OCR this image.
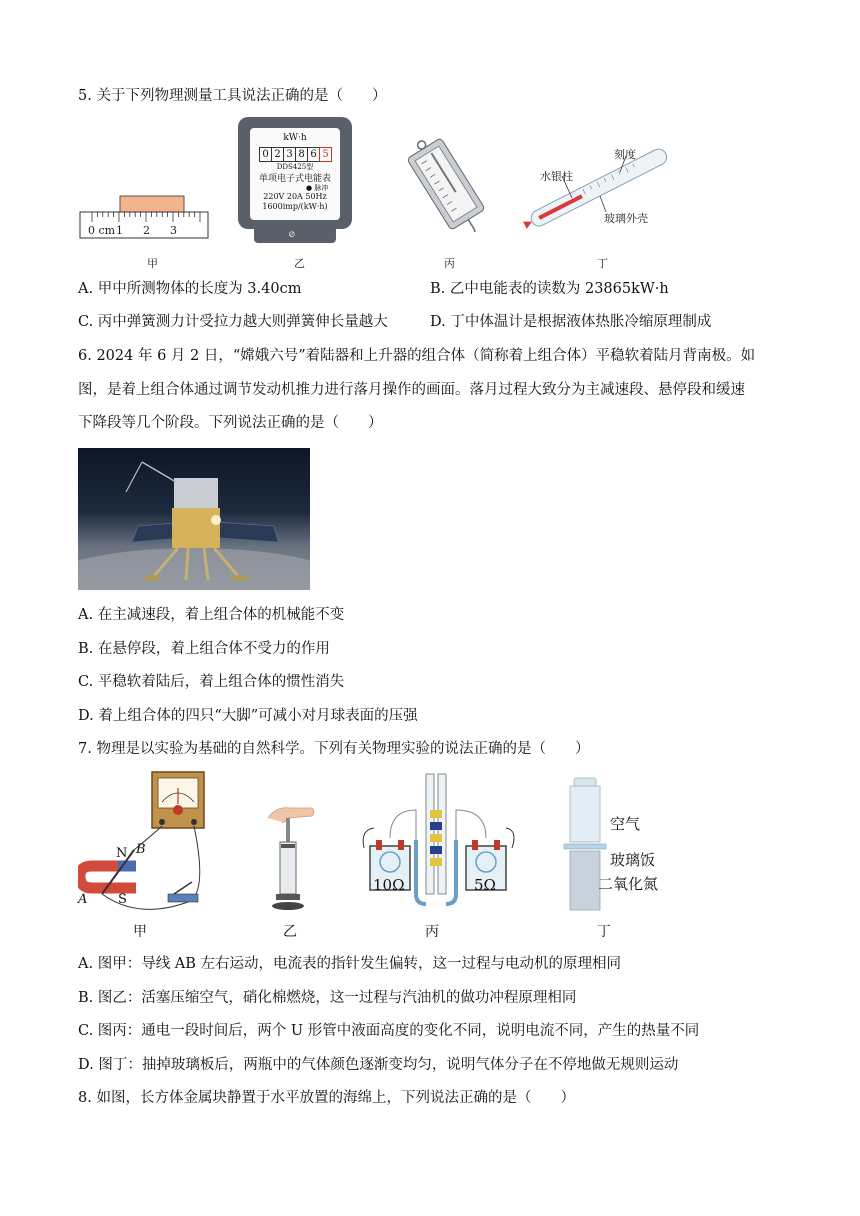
5. 关于下列物理测量工具说法正确的是（　　）
0 cm 1 2 3	⊘
kW·h
0 2 3 8 6 5
DDS425型
单项电子式电能表
● 脉冲
220V 20A 50Hz
1600imp/(kW·h)
刻度
水银柱
玻璃外壳
甲	乙	丙	丁
A. 甲中所测物体的长度为 3.40cm	B. 乙中电能表的读数为 23865kW·h
C. 丙中弹簧测力计受拉力越大则弹簧伸长量越大	D. 丁中体温计是根据液体热胀冷缩原理制成
6. 2024 年 6 月 2 日，“嫦娥六号”着陆器和上升器的组合体（简称着上组合体）平稳软着陆月背南极。如
图，是着上组合体通过调节发动机推力进行落月操作的画面。落月过程大致分为主减速段、悬停段和缓速
下降段等几个阶段。下列说法正确的是（　　）
A. 在主减速段，着上组合体的机械能不变
B. 在悬停段，着上组合体不受力的作用
C. 平稳软着陆后，着上组合体的惯性消失
D. 着上组合体的四只“大脚”可减小对月球表面的压强
7. 物理是以实验为基础的自然科学。下列有关物理实验的说法正确的是（　　）
N B
A S
10Ω	5Ω
空气
玻璃饭
二氧化氮
甲	乙	丙	丁
A. 图甲：导线 AB 左右运动，电流表的指针发生偏转，这一过程与电动机的原理相同
B. 图乙：活塞压缩空气，硝化棉燃烧，这一过程与汽油机的做功冲程原理相同
C. 图丙：通电一段时间后，两个 U 形管中液面高度的变化不同，说明电流不同，产生的热量不同
D. 图丁：抽掉玻璃板后，两瓶中的气体颜色逐渐变均匀，说明气体分子在不停地做无规则运动
8. 如图，长方体金属块静置于水平放置的海绵上，下列说法正确的是（　　）
